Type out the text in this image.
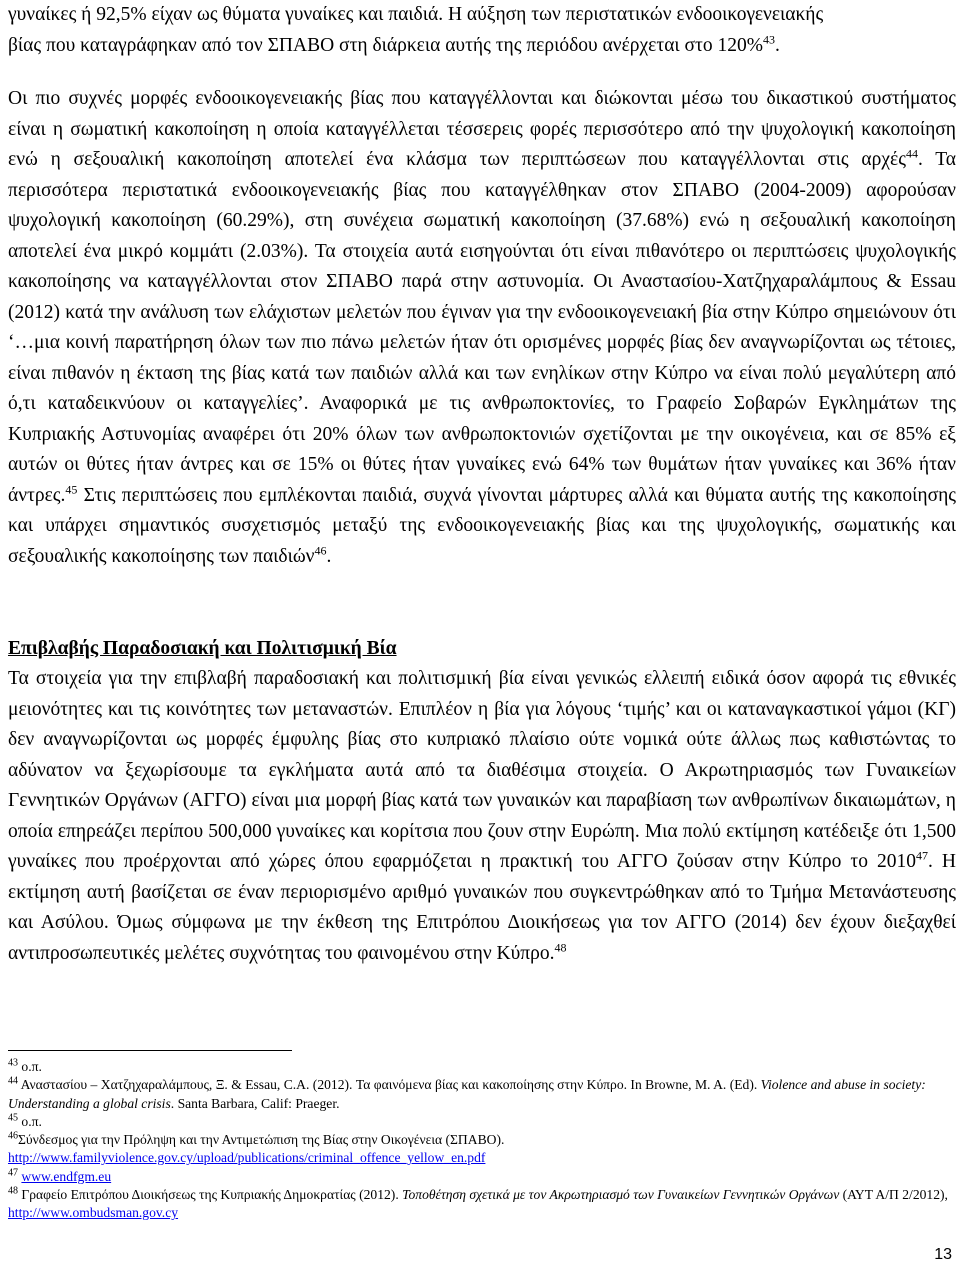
γυναίκες ή 92,5% είχαν ως θύματα γυναίκες και παιδιά. Η αύξηση των περιστατικών ενδοοικογενειακής
βίας που καταγράφηκαν από τον ΣΠΑΒΟ στη διάρκεια αυτής της περιόδου ανέρχεται στο 120%$^{43}$.

Οι πιο συχνές μορφές ενδοοικογενειακής βίας που καταγγέλλονται και διώκονται μέσω του δικαστικού συστήματος είναι η σωματική κακοποίηση η οποία καταγγέλλεται τέσσερεις φορές περισσότερο από την ψυχολογική κακοποίηση ενώ η σεξουαλική κακοποίηση αποτελεί ένα κλάσμα των περιπτώσεων που καταγγέλλονται στις αρχές$^{44}$. Τα περισσότερα περιστατικά ενδοοικογενειακής βίας που καταγγέλθηκαν στον ΣΠΑΒΟ (2004-2009) αφορούσαν ψυχολογική κακοποίηση (60.29%), στη συνέχεια σωματική κακοποίηση (37.68%) ενώ η σεξουαλική κακοποίηση αποτελεί ένα μικρό κομμάτι (2.03%). Τα στοιχεία αυτά εισηγούνται ότι είναι πιθανότερο οι περιπτώσεις ψυχολογικής κακοποίησης να καταγγέλλονται στον ΣΠΑΒΟ παρά στην αστυνομία. Οι Αναστασίου-Χατζηχαραλάμπους & Essau (2012) κατά την ανάλυση των ελάχιστων μελετών που έγιναν για την ενδοοικογενειακή βία στην Κύπρο σημειώνουν ότι ‘…μια κοινή παρατήρηση όλων των πιο πάνω μελετών ήταν ότι ορισμένες μορφές βίας δεν αναγνωρίζονται ως τέτοιες, είναι πιθανόν η έκταση της βίας κατά των παιδιών αλλά και των ενηλίκων στην Κύπρο να είναι πολύ μεγαλύτερη από ό,τι καταδεικνύουν οι καταγγελίες’. Αναφορικά με τις ανθρωποκτονίες, το Γραφείο Σοβαρών Εγκλημάτων της Κυπριακής Αστυνομίας αναφέρει ότι 20% όλων των ανθρωποκτονιών σχετίζονται με την οικογένεια, και σε 85% εξ αυτών οι θύτες ήταν άντρες και σε 15% οι θύτες ήταν γυναίκες ενώ 64% των θυμάτων ήταν γυναίκες και 36% ήταν άντρες.$^{45}$ Στις περιπτώσεις που εμπλέκονται παιδιά, συχνά γίνονται μάρτυρες αλλά και θύματα αυτής της κακοποίησης και υπάρχει σημαντικός συσχετισμός μεταξύ της ενδοοικογενειακής βίας και της ψυχολογικής, σωματικής και σεξουαλικής κακοποίησης των παιδιών$^{46}$.

Επιβλαβής Παραδοσιακή και Πολιτισμική Βία

Τα στοιχεία για την επιβλαβή παραδοσιακή και πολιτισμική βία είναι γενικώς ελλειπή ειδικά όσον αφορά τις εθνικές μειονότητες και τις κοινότητες των μεταναστών. Επιπλέον η βία για λόγους ‘τιμής’ και οι καταναγκαστικοί γάμοι (ΚΓ) δεν αναγνωρίζονται ως μορφές έμφυλης βίας στο κυπριακό πλαίσιο ούτε νομικά ούτε άλλως πως καθιστώντας το αδύνατον να ξεχωρίσουμε τα εγκλήματα αυτά από τα διαθέσιμα στοιχεία. Ο Ακρωτηριασμός των Γυναικείων Γεννητικών Οργάνων (ΑΓΓΟ) είναι μια μορφή βίας κατά των γυναικών και παραβίαση των ανθρωπίνων δικαιωμάτων, η οποία επηρεάζει περίπου 500,000 γυναίκες και κορίτσια που ζουν στην Ευρώπη. Μια πολύ εκτίμηση κατέδειξε ότι 1,500 γυναίκες που προέρχονται από χώρες όπου εφαρμόζεται η πρακτική του ΑΓΓΟ ζούσαν στην Κύπρο το 2010$^{47}$. Η εκτίμηση αυτή βασίζεται σε έναν περιορισμένο αριθμό γυναικών που συγκεντρώθηκαν από το Τμήμα Μετανάστευσης και Ασύλου. Όμως σύμφωνα με την έκθεση της Επιτρόπου Διοικήσεως για τον ΑΓΓΟ (2014) δεν έχουν διεξαχθεί αντιπροσωπευτικές μελέτες συχνότητας του φαινομένου στην Κύπρο.$^{48}$

$^{43}$ ο.π.

$^{44}$ Αναστασίου – Χατζηχαραλάμπους, Ξ. & Essau, C.A. (2012). Τα φαινόμενα βίας και κακοποίησης στην Κύπρο. In Browne, M. A. (Ed). Violence and abuse in society: Understanding a global crisis. Santa Barbara, Calif: Praeger.

$^{45}$ ο.π.

$^{46}$Σύνδεσμος για την Πρόληψη και την Αντιμετώπιση της Βίας στην Οικογένεια (ΣΠΑΒΟ).
http://www.familyviolence.gov.cy/upload/publications/criminal_offence_yellow_en.pdf

$^{47}$ www.endfgm.eu

$^{48}$ Γραφείο Επιτρόπου Διοικήσεως της Κυπριακής Δημοκρατίας (2012). Τοποθέτηση σχετικά με τον Ακρωτηριασμό των Γυναικείων Γεννητικών Οργάνων (ΑΥΤ Α/Π 2/2012), http://www.ombudsman.gov.cy

13
